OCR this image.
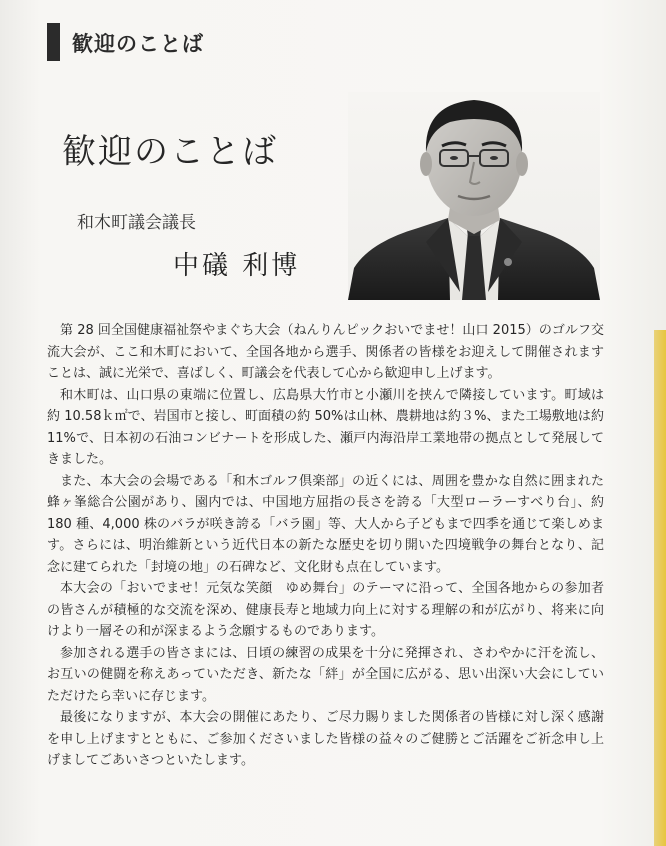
歓迎のことば
歓迎のことば
和木町議会議長
中礒 利博

第 28 回全国健康福祉祭やまぐち大会（ねんりんピックおいでませ！山口 2015）のゴルフ交流大会が、ここ和木町において、全国各地から選手、関係者の皆様をお迎えして開催されますことは、誠に光栄で、喜ばしく、町議会を代表して心から歓迎申し上げます。

和木町は、山口県の東端に位置し、広島県大竹市と小瀬川を挟んで隣接しています。町域は約 10.58ｋ㎡で、岩国市と接し、町面積の約 50%は山林、農耕地は約３%、また工場敷地は約 11%で、日本初の石油コンビナートを形成した、瀬戸内海沿岸工業地帯の拠点として発展してきました。

また、本大会の会場である「和木ゴルフ倶楽部」の近くには、周囲を豊かな自然に囲まれた蜂ヶ峯総合公園があり、園内では、中国地方屈指の長さを誇る「大型ローラーすべり台」、約 180 種、4,000 株のバラが咲き誇る「バラ園」等、大人から子どもまで四季を通じて楽しめます。さらには、明治維新という近代日本の新たな歴史を切り開いた四境戦争の舞台となり、記念に建てられた「封境の地」の石碑など、文化財も点在しています。

本大会の「おいでませ！元気な笑顔　ゆめ舞台」のテーマに沿って、全国各地からの参加者の皆さんが積極的な交流を深め、健康長寿と地域力向上に対する理解の和が広がり、将来に向けより一層その和が深まるよう念願するものであります。

参加される選手の皆さまには、日頃の練習の成果を十分に発揮され、さわやかに汗を流し、お互いの健闘を称えあっていただき、新たな「絆」が全国に広がる、思い出深い大会にしていただけたら幸いに存じます。

最後になりますが、本大会の開催にあたり、ご尽力賜りました関係者の皆様に対し深く感謝を申し上げますとともに、ご参加くださいました皆様の益々のご健勝とご活躍をご祈念申し上げましてごあいさつといたします。
